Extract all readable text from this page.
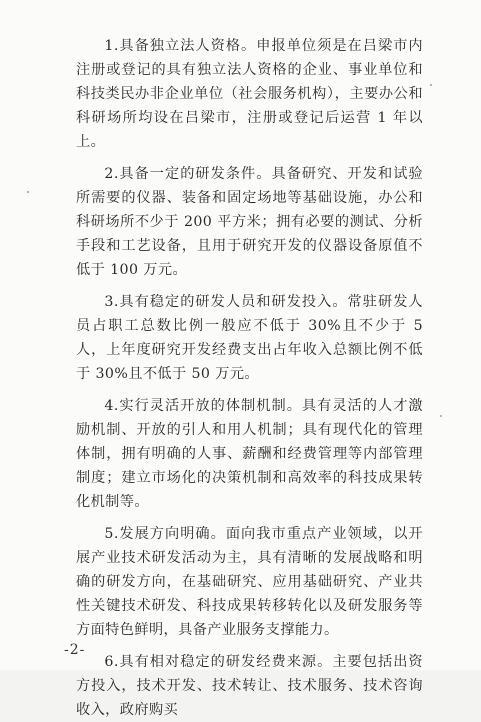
1.具备独立法人资格。申报单位须是在吕梁市内注册或登记的具有独立法人资格的企业、事业单位和科技类民办非企业单位（社会服务机构），主要办公和科研场所均设在吕梁市，注册或登记后运营 1 年以上。

2.具备一定的研发条件。具备研究、开发和试验所需要的仪器、装备和固定场地等基础设施，办公和科研场所不少于 200 平方米；拥有必要的测试、分析手段和工艺设备，且用于研究开发的仪器设备原值不低于 100 万元。

3.具有稳定的研发人员和研发投入。常驻研发人员占职工总数比例一般应不低于 30%且不少于 5 人，上年度研究开发经费支出占年收入总额比例不低于 30%且不低于 50 万元。

4.实行灵活开放的体制机制。具有灵活的人才激励机制、开放的引人和用人机制；具有现代化的管理体制，拥有明确的人事、薪酬和经费管理等内部管理制度；建立市场化的决策机制和高效率的科技成果转化机制等。

5.发展方向明确。面向我市重点产业领域，以开展产业技术研发活动为主，具有清晰的发展战略和明确的研发方向，在基础研究、应用基础研究、产业共性关键技术研发、科技成果转移转化以及研发服务等方面特色鲜明，具备产业服务支撑能力。

6.具有相对稳定的研发经费来源。主要包括出资方投入，技术开发、技术转让、技术服务、技术咨询收入，政府购买

-2-
